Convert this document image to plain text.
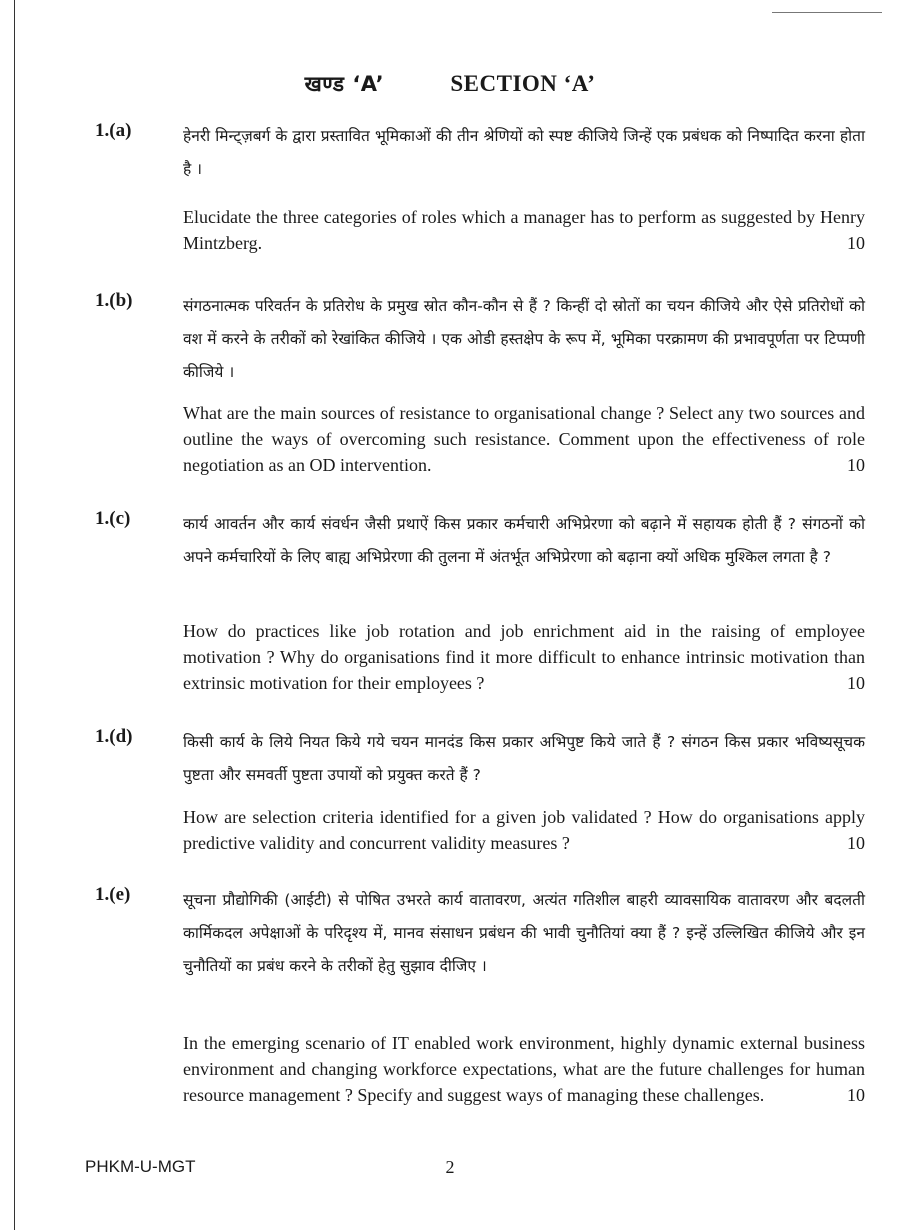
खण्ड ‘A’	SECTION ‘A’
1.(a)	हेनरी मिन्ट्ज़बर्ग के द्वारा प्रस्तावित भूमिकाओं की तीन श्रेणियों को स्पष्ट कीजिये जिन्हें एक प्रबंधक को निष्पादित करना होता है ।
Elucidate the three categories of roles which a manager has to perform as suggested by Henry Mintzberg.	10
1.(b)	संगठनात्मक परिवर्तन के प्रतिरोध के प्रमुख स्रोत कौन-कौन से हैं ? किन्हीं दो स्रोतों का चयन कीजिये और ऐसे प्रतिरोधों को वश में करने के तरीकों को रेखांकित कीजिये । एक ओडी हस्तक्षेप के रूप में, भूमिका परक्रामण की प्रभावपूर्णता पर टिप्पणी कीजिये ।
What are the main sources of resistance to organisational change ? Select any two sources and outline the ways of overcoming such resistance. Comment upon the effectiveness of role negotiation as an OD intervention.	10
1.(c)	कार्य आवर्तन और कार्य संवर्धन जैसी प्रथाऐं किस प्रकार कर्मचारी अभिप्रेरणा को बढ़ाने में सहायक होती हैं ? संगठनों को अपने कर्मचारियों के लिए बाह्य अभिप्रेरणा की तुलना में अंतर्भूत अभिप्रेरणा को बढ़ाना क्यों अधिक मुश्किल लगता है ?
How do practices like job rotation and job enrichment aid in the raising of employee motivation ? Why do organisations find it more difficult to enhance intrinsic motivation than extrinsic motivation for their employees ?	10
1.(d)	किसी कार्य के लिये नियत किये गये चयन मानदंड किस प्रकार अभिपुष्ट किये जाते हैं ? संगठन किस प्रकार भविष्यसूचक पुष्टता और समवर्ती पुष्टता उपायों को प्रयुक्त करते हैं ?
How are selection criteria identified for a given job validated ? How do organisations apply predictive validity and concurrent validity measures ?	10
1.(e)	सूचना प्रौद्योगिकी (आईटी) से पोषित उभरते कार्य वातावरण, अत्यंत गतिशील बाहरी व्यावसायिक वातावरण और बदलती कार्मिकदल अपेक्षाओं के परिदृश्य में, मानव संसाधन प्रबंधन की भावी चुनौतियां क्या हैं ? इन्हें उल्लिखित कीजिये और इन चुनौतियों का प्रबंध करने के तरीकों हेतु सुझाव दीजिए ।
In the emerging scenario of IT enabled work environment, highly dynamic external business environment and changing workforce expectations, what are the future challenges for human resource management ? Specify and suggest ways of managing these challenges.	10
PHKM-U-MGT	2
